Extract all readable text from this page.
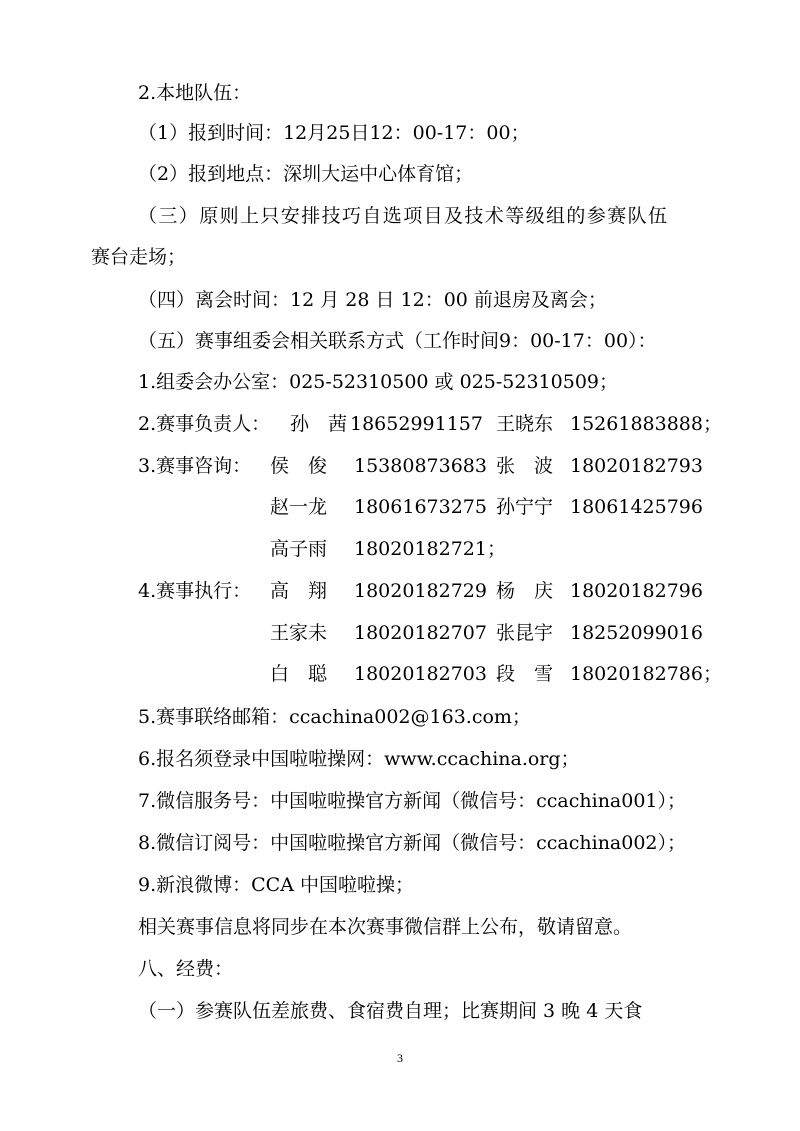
2.本地队伍：
（1）报到时间：12月25日12：00-17：00；
（2）报到地点：深圳大运中心体育馆；
（三）原则上只安排技巧自选项目及技术等级组的参赛队伍
赛台走场；
（四）离会时间：12 月 28 日 12：00 前退房及离会；
（五）赛事组委会相关联系方式（工作时间9：00-17：00）：
1.组委会办公室：025-52310500 或 025-52310509；
2.赛事负责人： 孙　茜 18652991157 王晓东 15261883888；
3.赛事咨询： 侯　俊 15380873683 张　波 18020182793
赵一龙 18061673275 孙宁宁 18061425796
高子雨 18020182721；
4.赛事执行： 高　翔 18020182729 杨　庆 18020182796
王家未 18020182707 张昆宇 18252099016
白　聪 18020182703 段　雪 18020182786；
5.赛事联络邮箱：ccachina002@163.com；
6.报名须登录中国啦啦操网：www.ccachina.org；
7.微信服务号：中国啦啦操官方新闻（微信号：ccachina001）；
8.微信订阅号：中国啦啦操官方新闻（微信号：ccachina002）；
9.新浪微博：CCA 中国啦啦操；
相关赛事信息将同步在本次赛事微信群上公布，敬请留意。
八、经费：
（一）参赛队伍差旅费、食宿费自理；比赛期间 3 晚 4 天食
3
